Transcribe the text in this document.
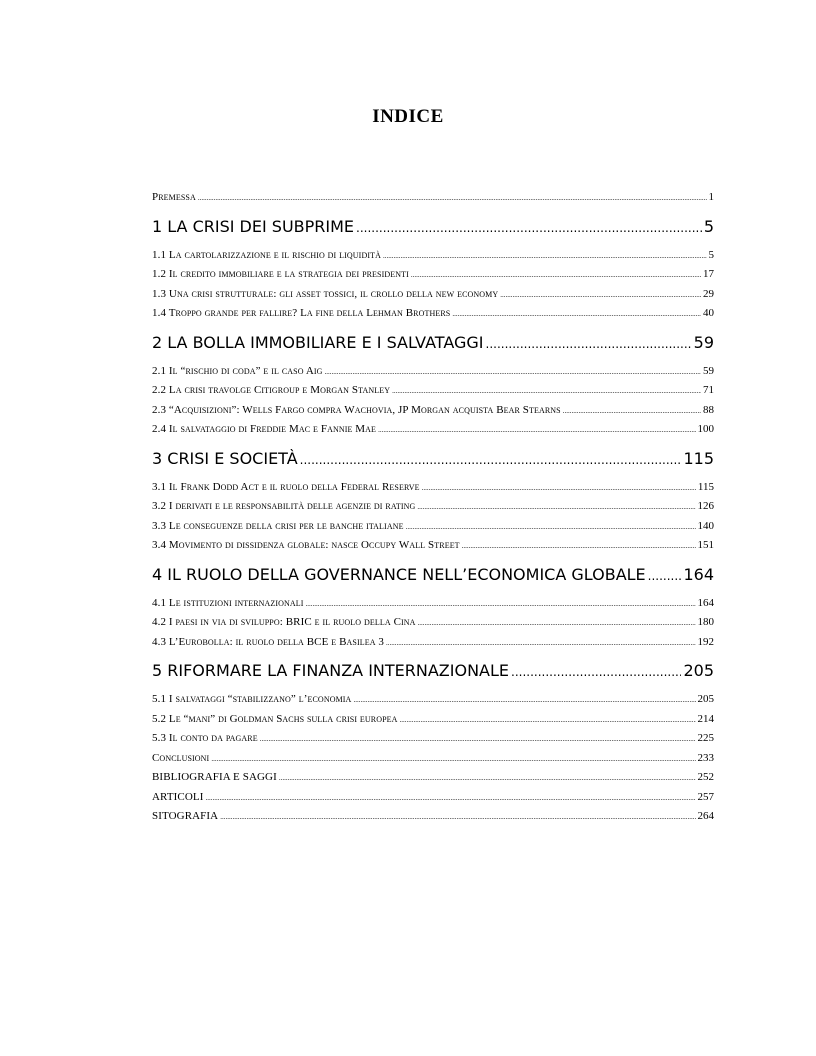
INDICE
Premessa .....	1
1 LA CRISI DEI SUBPRIME .....	5
1.1 La cartolarizzazione e il rischio di liquidità .....	5
1.2 Il credito immobiliare e la strategia dei presidenti .....	17
1.3 Una crisi strutturale: gli asset tossici, il crollo della new economy .....	29
1.4 Troppo grande per fallire? La fine della Lehman Brothers .....	40
2 LA BOLLA IMMOBILIARE E I SALVATAGGI .....	59
2.1 Il “rischio di coda” e il caso Aig .....	59
2.2 La crisi travolge Citigroup e Morgan Stanley .....	71
2.3 “Acquisizioni”: Wells Fargo compra Wachovia, JP Morgan acquista Bear Stearns .....	88
2.4 Il salvataggio di Freddie Mac e Fannie Mae .....	100
3 CRISI E SOCIETÀ .....	115
3.1 Il Frank Dodd Act e il ruolo della Federal Reserve .....	115
3.2 I derivati e le responsabilità delle agenzie di rating .....	126
3.3 Le conseguenze della crisi per le banche italiane .....	140
3.4 Movimento di dissidenza globale: nasce Occupy Wall Street .....	151
4 IL RUOLO DELLA GOVERNANCE NELL’ECONOMICA GLOBALE ..... 164
4.1 Le istituzioni internazionali .....	164
4.2 I paesi in via di sviluppo: BRIC e il ruolo della Cina .....	180
4.3 L’Eurobolla: il ruolo della BCE e Basilea 3 .....	192
5 RIFORMARE LA FINANZA INTERNAZIONALE .....	205
5.1 I salvataggi “stabilizzano” l’economia .....	205
5.2 Le “mani” di Goldman Sachs sulla crisi europea .....	214
5.3 Il conto da pagare .....	225
Conclusioni .....	233
BIBLIOGRAFIA E SAGGI .....	252
ARTICOLI .....	257
SITOGRAFIA .....	264
